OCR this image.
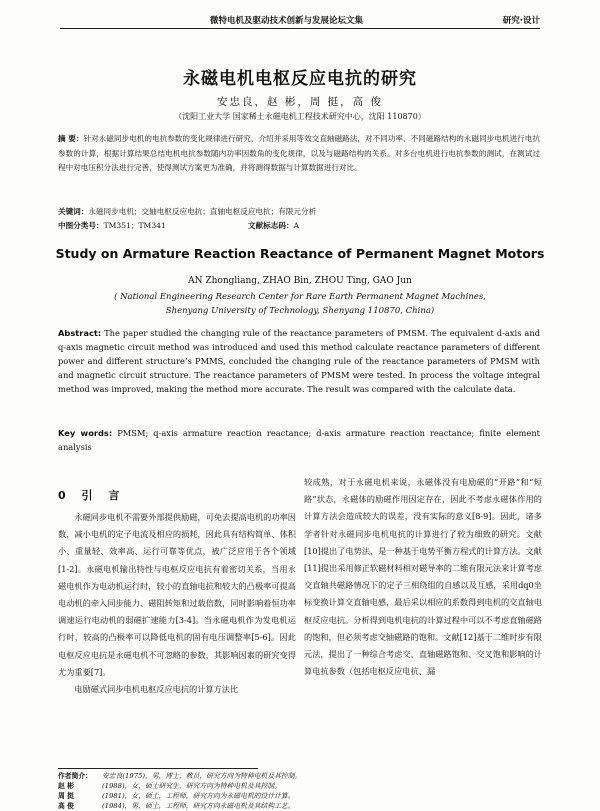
微特电机及驱动技术创新与发展论坛文集	研究·设计
永磁电机电枢反应电抗的研究
安忠良，赵 彬，周 挺，高 俊
（沈阳工业大学 国家稀土永磁电机工程技术研究中心，沈阳 110870）
摘 要：针对永磁同步电机的电抗参数的变化规律进行研究，介绍并采用等效交直轴磁路法，对不同功率、不同磁路结构的永磁同步电机进行电抗参数的计算，根据计算结果总结电机电抗参数随内功率因数角的变化规律，以及与磁路结构的关系。对多台电机进行电抗参数的测试，在测试过程中对电压积分法进行完善，使得测试方案更为准确，并将测得数据与计算数据进行对比。
关键词：永磁同步电机；交轴电枢反应电抗；直轴电枢反应电抗；有限元分析
中图分类号：TM351；TM341	文献标志码：A
Study on Armature Reaction Reactance of Permanent Magnet Motors
AN Zhongliang, ZHAO Bin, ZHOU Ting, GAO Jun
( National Engineering Research Center for Rare Earth Permanent Magnet Machines,
Shenyang University of Technology, Shenyang 110870, China)
Abstract: The paper studied the changing rule of the reactance parameters of PMSM. The equivalent d-axis and q-axis magnetic circuit method was introduced and used this method calculate reactance parameters of different power and different structure’s PMMS, concluded the changing rule of the reactance parameters of PMSM with and magnetic circuit structure. The reactance parameters of PMSM were tested. In process the voltage integral method was improved, making the method more accurate. The result was compared with the calculate data.
Key words: PMSM; q-axis armature reaction reactance; d-axis armature reaction reactance; finite element analysis
0 引 言

永磁同步电机不需要外部提供励磁，可免去提高电机的功率因数，减小电机的定子电流及相应的损耗，因此具有结构简单、体积小、重量轻、效率高、运行可靠等优点，被广泛应用于各个领域[1-2]。永磁电机输出特性与电枢反应电抗有着密切关系，当用永磁电机作为电动机运行时，较小的直轴电抗和较大的凸极率可提高电动机的牵入同步能力、磁阻转矩和过载倍数，同时影响着恒功率调速运行电动机的弱磁扩速能力[3-4]。当永磁电机作为发电机运行时，较高的凸极率可以降低电机的固有电压调整率[5-6]。因此电枢反应电抗是永磁电机不可忽略的参数，其影响因素的研究变得尤为重要[7]。

电励磁式同步电机电枢反应电抗的计算方法比

较成熟，对于永磁电机来说，永磁体没有电励磁的“开路”和“短路”状态，永磁体的励磁作用因定存在，因此不考虑永磁体作用的计算方法会造成较大的误差，没有实际的意义[8-9]。因此，诸多学者针对永磁同步电机电抗的计算进行了较为细致的研究。文献[10]提出了电势法，是一种基于电势平衡方程式的计算方法。文献[11]提出采用修正软磁材料相对磁导率的二维有限元法来计算考虑交直轴共磁路情况下的定子三相绕组的自感以及互感，采用dq0坐标变换计算交直轴电感，最后采以相应的系数得到电机的交直轴电枢反应电抗。分析得到电机电抗的计算过程中可以不考虑直轴磁路的饱和，但必须考虑交轴磁路的饱和。文献[12]基于二维时步有限元法，提出了一种综合考虑交、直轴磁路饱和、交叉饱和影响的计算电抗参数（包括电枢反应电抗、漏

作者简介：	安忠良(1975)，男，博士，教员，研究方向为特种电机及其控制。
赵 彬	(1988)，女，硕士研究生，研究方向为特种电机及其控制。
周 挺	(1981)，女，硕士，工程师，研究方向为永磁电机的设计计算。
高 俊	(1984)，男，硕士，工程师，研究方向永磁电机及其结构工艺。
